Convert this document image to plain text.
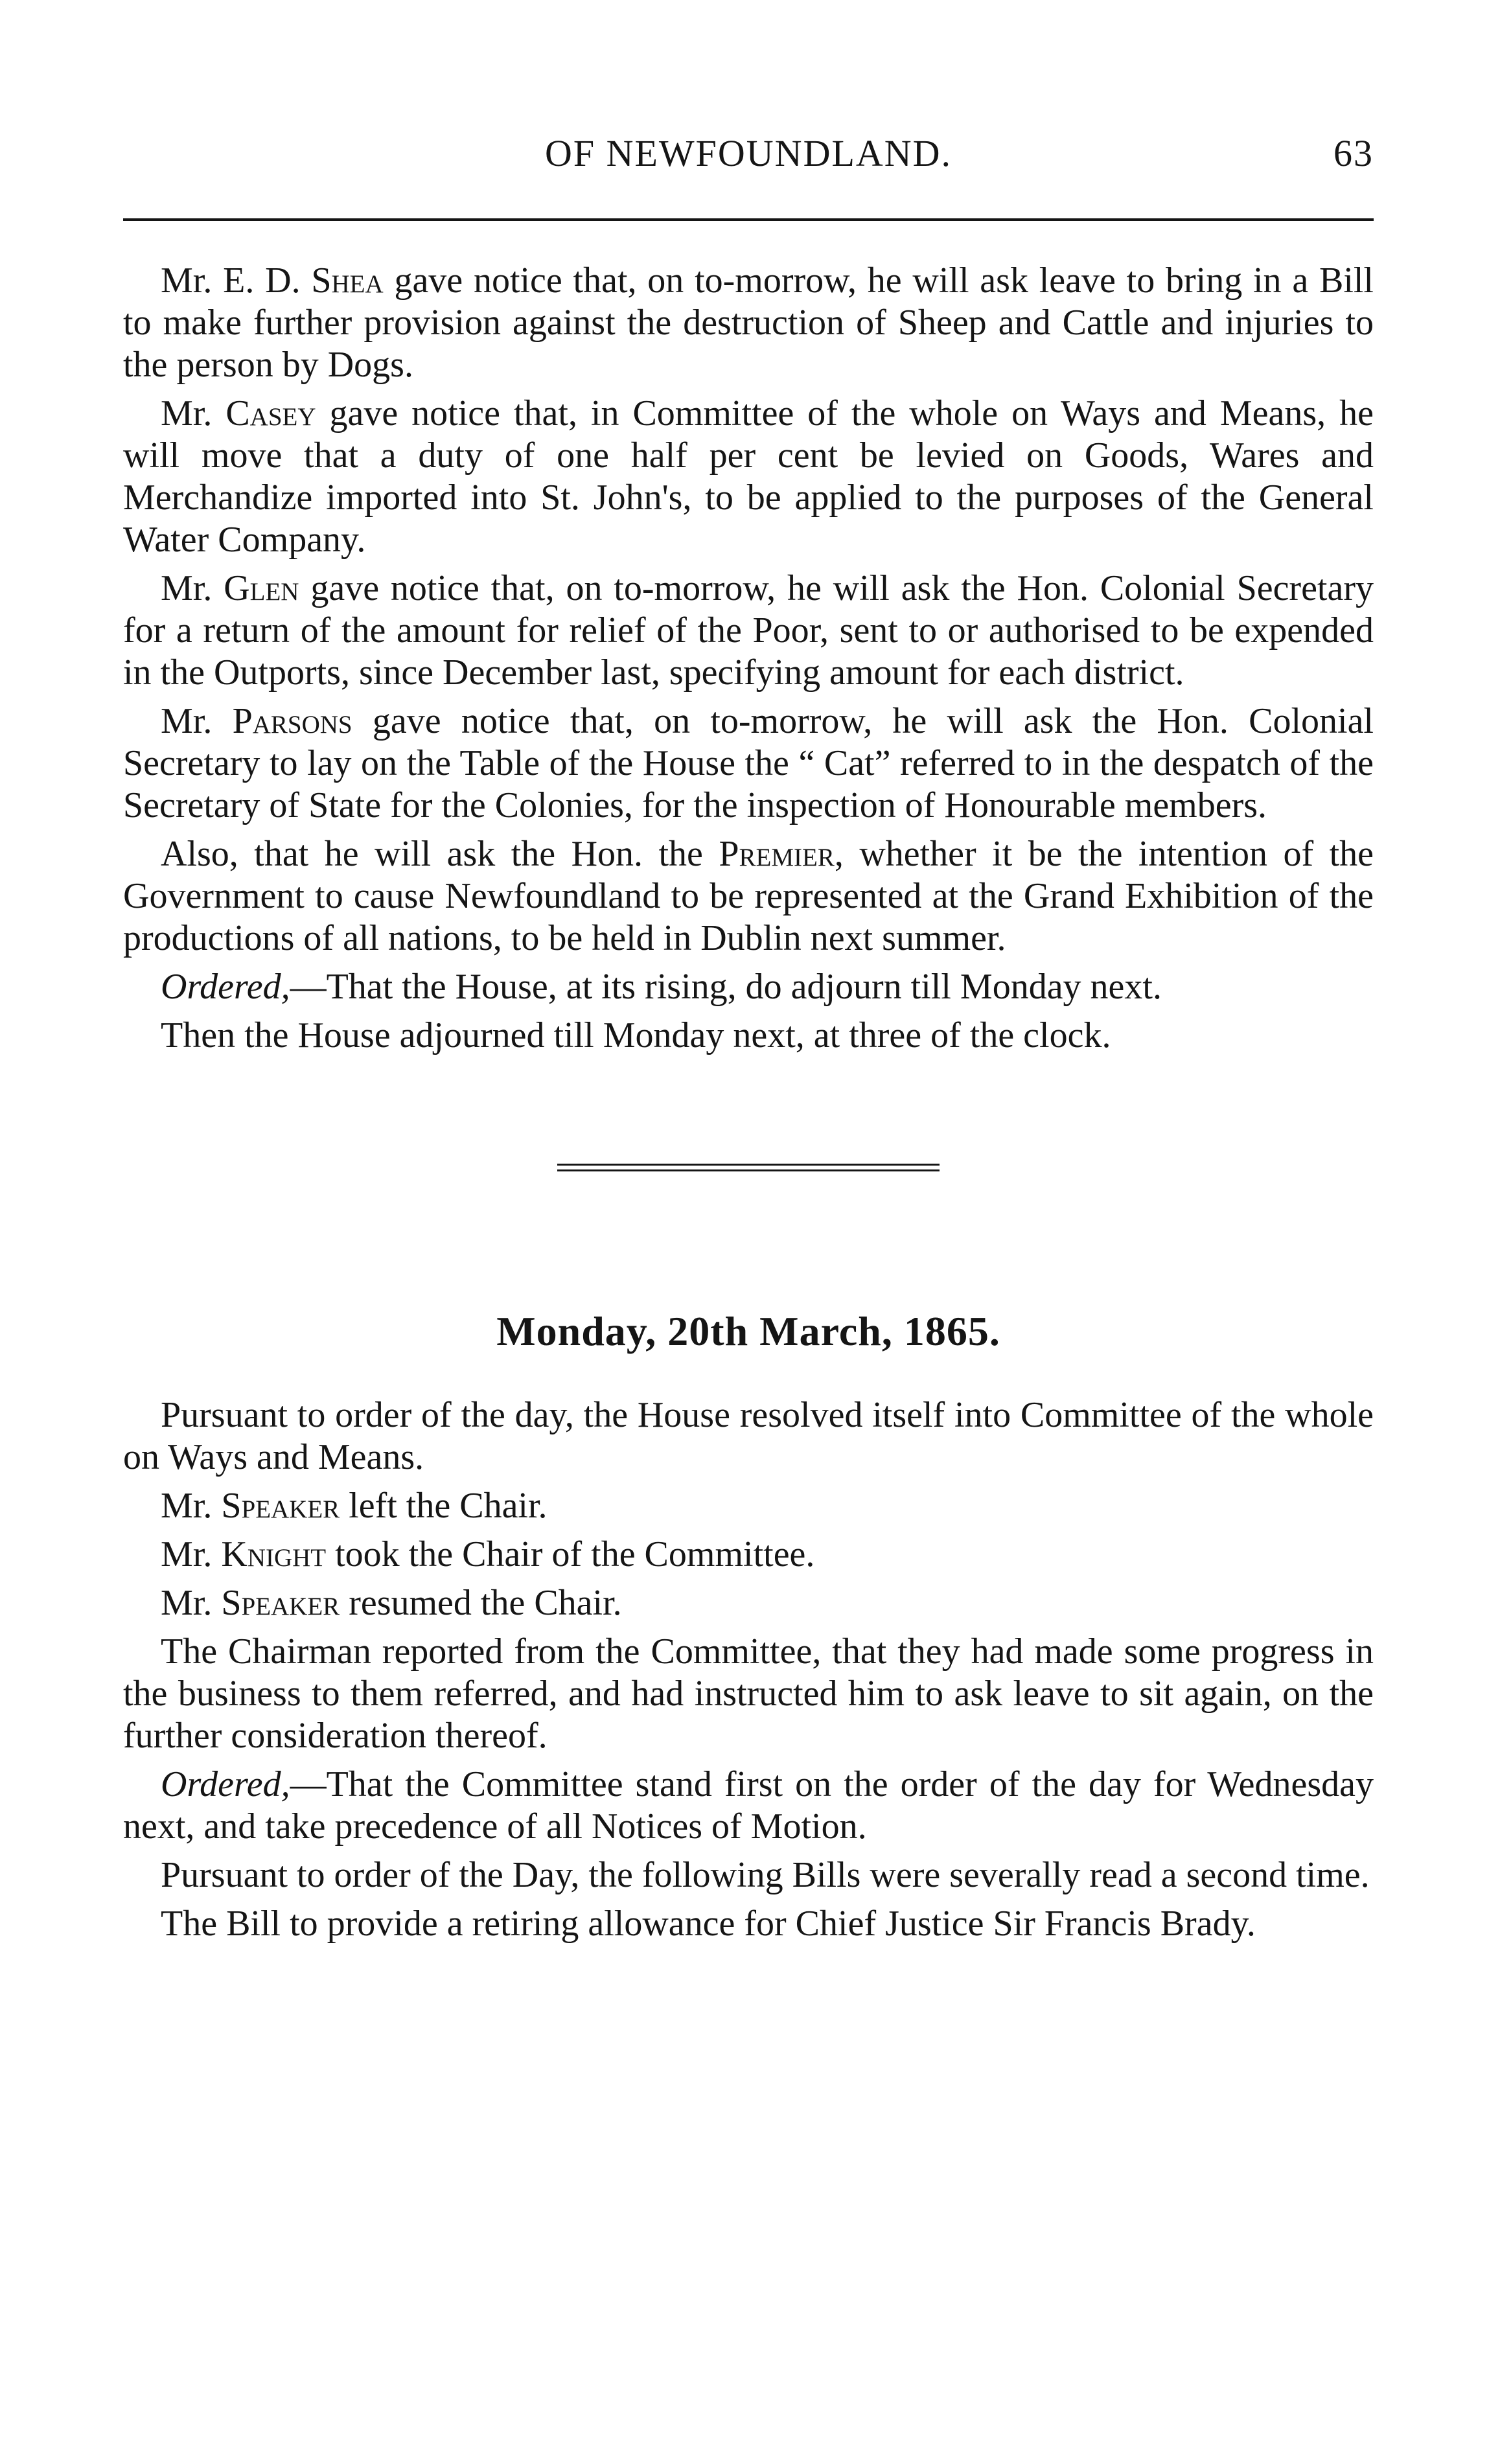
OF NEWFOUNDLAND.	63

Mr. E. D. Shea gave notice that, on to-morrow, he will ask leave to bring in a Bill to make further provision against the destruction of Sheep and Cattle and injuries to the person by Dogs.

Mr. Casey gave notice that, in Committee of the whole on Ways and Means, he will move that a duty of one half per cent be levied on Goods, Wares and Merchandize imported into St. John's, to be applied to the purposes of the General Water Company.

Mr. Glen gave notice that, on to-morrow, he will ask the Hon. Colonial Secretary for a return of the amount for relief of the Poor, sent to or authorised to be expended in the Outports, since December last, specifying amount for each district.

Mr. Parsons gave notice that, on to-morrow, he will ask the Hon. Colonial Secretary to lay on the Table of the House the “ Cat” referred to in the despatch of the Secretary of State for the Colonies, for the inspection of Honourable members.

Also, that he will ask the Hon. the Premier, whether it be the intention of the Government to cause Newfoundland to be represented at the Grand Exhibition of the productions of all nations, to be held in Dublin next summer.

Ordered,—That the House, at its rising, do adjourn till Monday next.

Then the House adjourned till Monday next, at three of the clock.

Monday, 20th March, 1865.

Pursuant to order of the day, the House resolved itself into Committee of the whole on Ways and Means.

Mr. Speaker left the Chair.

Mr. Knight took the Chair of the Committee.

Mr. Speaker resumed the Chair.

The Chairman reported from the Committee, that they had made some progress in the business to them referred, and had instructed him to ask leave to sit again, on the further consideration thereof.

Ordered,—That the Committee stand first on the order of the day for Wednesday next, and take precedence of all Notices of Motion.

Pursuant to order of the Day, the following Bills were severally read a second time.

The Bill to provide a retiring allowance for Chief Justice Sir Francis Brady.
